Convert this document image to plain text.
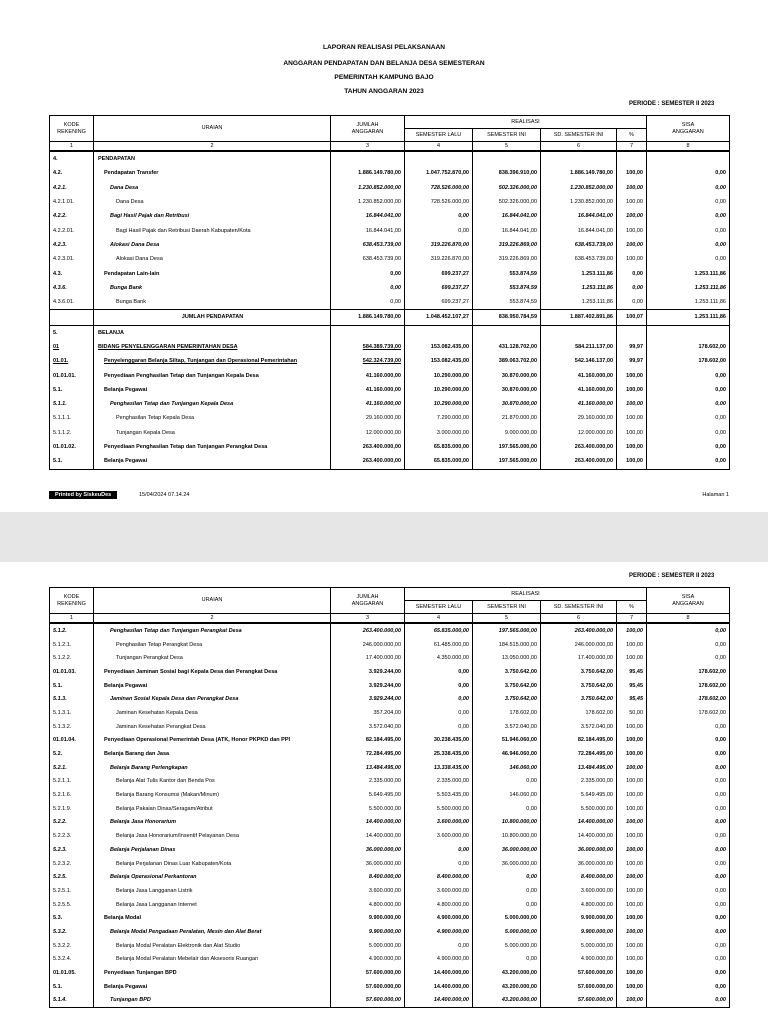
LAPORAN REALISASI PELAKSANAAN
ANGGARAN PENDAPATAN DAN BELANJA DESA SEMESTERAN
PEMERINTAH KAMPUNG BAJO
TAHUN ANGGARAN 2023
PERIODE : SEMESTER II 2023
KODE
REKENING	URAIAN	JUMLAH
ANGGARAN	REALISASI				SISA
ANGGARAN
			SEMESTER LALU	SEMESTER INI	SD. SEMESTER INI	%	
1	2	3	4	5	6	7	8
4.	PENDAPATAN						
4.2.	Pendapatan Transfer	1.886.149.780,00	1.047.752.870,00	838.396.910,00	1.886.149.780,00	100,00	0,00
4.2.1.	Dana Desa	1.230.852.000,00	728.526.000,00	502.326.000,00	1.230.852.000,00	100,00	0,00
4.2.1.01.	Dana Desa	1.230.852.000,00	728.526.000,00	502.326.000,00	1.230.852.000,00	100,00	0,00
4.2.2.	Bagi Hasil Pajak dan Retribusi	16.844.041,00	0,00	16.844.041,00	16.844.041,00	100,00	0,00
4.2.2.01.	Bagi Hasil Pajak dan Retribusi Daerah Kabupaten/Kota	16.844.041,00	0,00	16.844.041,00	16.844.041,00	100,00	0,00
4.2.3.	Alokasi Dana Desa	638.453.739,00	319.226.870,00	319.226.869,00	638.453.739,00	100,00	0,00
4.2.3.01.	Alokasi Dana Desa	638.453.739,00	319.226.870,00	319.226.869,00	638.453.739,00	100,00	0,00
4.3.	Pendapatan Lain-lain	0,00	699.237,27	553.874,59	1.253.111,86	0,00	1.253.111,86
4.3.6.	Bunga Bank	0,00	699.237,27	553.874,59	1.253.111,86	0,00	1.253.111,86
4.3.6.01.	Bunga Bank	0,00	699.237,27	553.874,59	1.253.111,86	0,00	1.253.111,86
	JUMLAH PENDAPATAN	1.886.149.780,00	1.048.452.107,27	838.950.784,59	1.887.402.891,86	100,07	1.253.111,86
5.	BELANJA						
01	BIDANG PENYELENGGARAN PEMERINTAHAN DESA	584.389.739,00	153.082.435,00	431.128.702,00	584.211.137,00	99,97	178.602,00
01.01.	Penyelenggaran Belanja Siltap, Tunjangan dan Operasional Pemerintahan	542.324.739,00	153.082.435,00	389.063.702,00	542.146.137,00	99,97	178.602,00
01.01.01.	Penyediaan Penghasilan Tetap dan Tunjangan Kepala Desa	41.160.000,00	10.290.000,00	30.870.000,00	41.160.000,00	100,00	0,00
5.1.	Belanja Pegawai	41.160.000,00	10.290.000,00	30.870.000,00	41.160.000,00	100,00	0,00
5.1.1.	Penghasilan Tetap dan Tunjangan Kepala Desa	41.160.000,00	10.290.000,00	30.870.000,00	41.160.000,00	100,00	0,00
5.1.1.1.	Penghasilan Tetap Kepala Desa	29.160.000,00	7.290.000,00	21.870.000,00	29.160.000,00	100,00	0,00
5.1.1.2.	Tunjangan Kepala Desa	12.000.000,00	3.000.000,00	9.000.000,00	12.000.000,00	100,00	0,00
01.01.02.	Penyediaan Penghasilan Tetap dan Tunjangan Perangkat Desa	263.400.000,00	65.835.000,00	197.565.000,00	263.400.000,00	100,00	0,00
5.1.	Belanja Pegawai	263.400.000,00	65.835.000,00	197.565.000,00	263.400.000,00	100,00	0,00
Printed by SiskeuDes	15/04/2024 07.14.24	Halaman 1
PERIODE : SEMESTER II 2023
KODE
REKENING	URAIAN	JUMLAH
ANGGARAN	REALISASI				SISA
ANGGARAN
			SEMESTER LALU	SEMESTER INI	SD. SEMESTER INI	%	
1	2	3	4	5	6	7	8
5.1.2.	Penghasilan Tetap dan Tunjangan Perangkat Desa	263.400.000,00	65.835.000,00	197.565.000,00	263.400.000,00	100,00	0,00
5.1.2.1.	Penghasilan Tetap Perangkat Desa	246.000.000,00	61.485.000,00	184.515.000,00	246.000.000,00	100,00	0,00
5.1.2.2.	Tunjangan Perangkat Desa	17.400.000,00	4.350.000,00	13.050.000,00	17.400.000,00	100,00	0,00
01.01.03.	Penyediaan Jaminan Sosial bagi Kepala Desa dan Perangkat Desa	3.929.244,00	0,00	3.750.642,00	3.750.642,00	95,45	178.602,00
5.1.	Belanja Pegawai	3.929.244,00	0,00	3.750.642,00	3.750.642,00	95,45	178.602,00
5.1.3.	Jaminan Sosial Kepala Desa dan Perangkat Desa	3.929.244,00	0,00	3.750.642,00	3.750.642,00	95,45	178.602,00
5.1.3.1.	Jaminan Kesehatan Kepala Desa	357.204,00	0,00	178.602,00	178.602,00	50,00	178.602,00
5.1.3.2.	Jaminan Kesehatan Perangkat Desa	3.572.040,00	0,00	3.572.040,00	3.572.040,00	100,00	0,00
01.01.04.	Penyediaan Operasional Pemerintah Desa (ATK, Honor PKPKD dan PPI	82.184.495,00	30.238.435,00	51.946.060,00	82.184.495,00	100,00	0,00
5.2.	Belanja Barang dan Jasa	72.284.495,00	25.338.435,00	46.946.060,00	72.284.495,00	100,00	0,00
5.2.1.	Belanja Barang Perlengkapan	13.484.495,00	13.338.435,00	146.060,00	13.484.495,00	100,00	0,00
5.2.1.1.	Belanja Alat Tulis Kantor dan Benda Pos	2.335.000,00	2.335.000,00	0,00	2.335.000,00	100,00	0,00
5.2.1.6.	Belanja Barang Konsumsi (Makan/Minum)	5.649.495,00	5.503.435,00	146.060,00	5.649.495,00	100,00	0,00
5.2.1.9.	Belanja Pakaian Dinas/Seragam/Atribut	5.500.000,00	5.500.000,00	0,00	5.500.000,00	100,00	0,00
5.2.2.	Belanja Jasa Honorarium	14.400.000,00	3.600.000,00	10.800.000,00	14.400.000,00	100,00	0,00
5.2.2.3.	Belanja Jasa Honorarium/Insentif Pelayanan Desa	14.400.000,00	3.600.000,00	10.800.000,00	14.400.000,00	100,00	0,00
5.2.3.	Belanja Perjalanan Dinas	36.000.000,00	0,00	36.000.000,00	36.000.000,00	100,00	0,00
5.2.3.2.	Belanja Perjalanan Dinas Luar Kabupaten/Kota	36.000.000,00	0,00	36.000.000,00	36.000.000,00	100,00	0,00
5.2.5.	Belanja Operasional Perkantoran	8.400.000,00	8.400.000,00	0,00	8.400.000,00	100,00	0,00
5.2.5.1.	Belanja Jasa Langganan Listrik	3.600.000,00	3.600.000,00	0,00	3.600.000,00	100,00	0,00
5.2.5.5.	Belanja Jasa Langganan Internet	4.800.000,00	4.800.000,00	0,00	4.800.000,00	100,00	0,00
5.3.	Belanja Modal	9.900.000,00	4.900.000,00	5.000.000,00	9.900.000,00	100,00	0,00
5.3.2.	Belanja Modal Pengadaan Peralatan, Mesin dan Alat Berat	9.900.000,00	4.900.000,00	5.000.000,00	9.900.000,00	100,00	0,00
5.3.2.2.	Belanja Modal Peralatan Elektronik dan Alat Studio	5.000.000,00	0,00	5.000.000,00	5.000.000,00	100,00	0,00
5.3.2.4.	Belanja Modal Peralatan Mebelair dan Aksesoris Ruangan	4.900.000,00	4.900.000,00	0,00	4.900.000,00	100,00	0,00
01.01.05.	Penyediaan Tunjangan BPD	57.600.000,00	14.400.000,00	43.200.000,00	57.600.000,00	100,00	0,00
5.1.	Belanja Pegawai	57.600.000,00	14.400.000,00	43.200.000,00	57.600.000,00	100,00	0,00
5.1.4.	Tunjangan BPD	57.600.000,00	14.400.000,00	43.200.000,00	57.600.000,00	100,00	0,00
